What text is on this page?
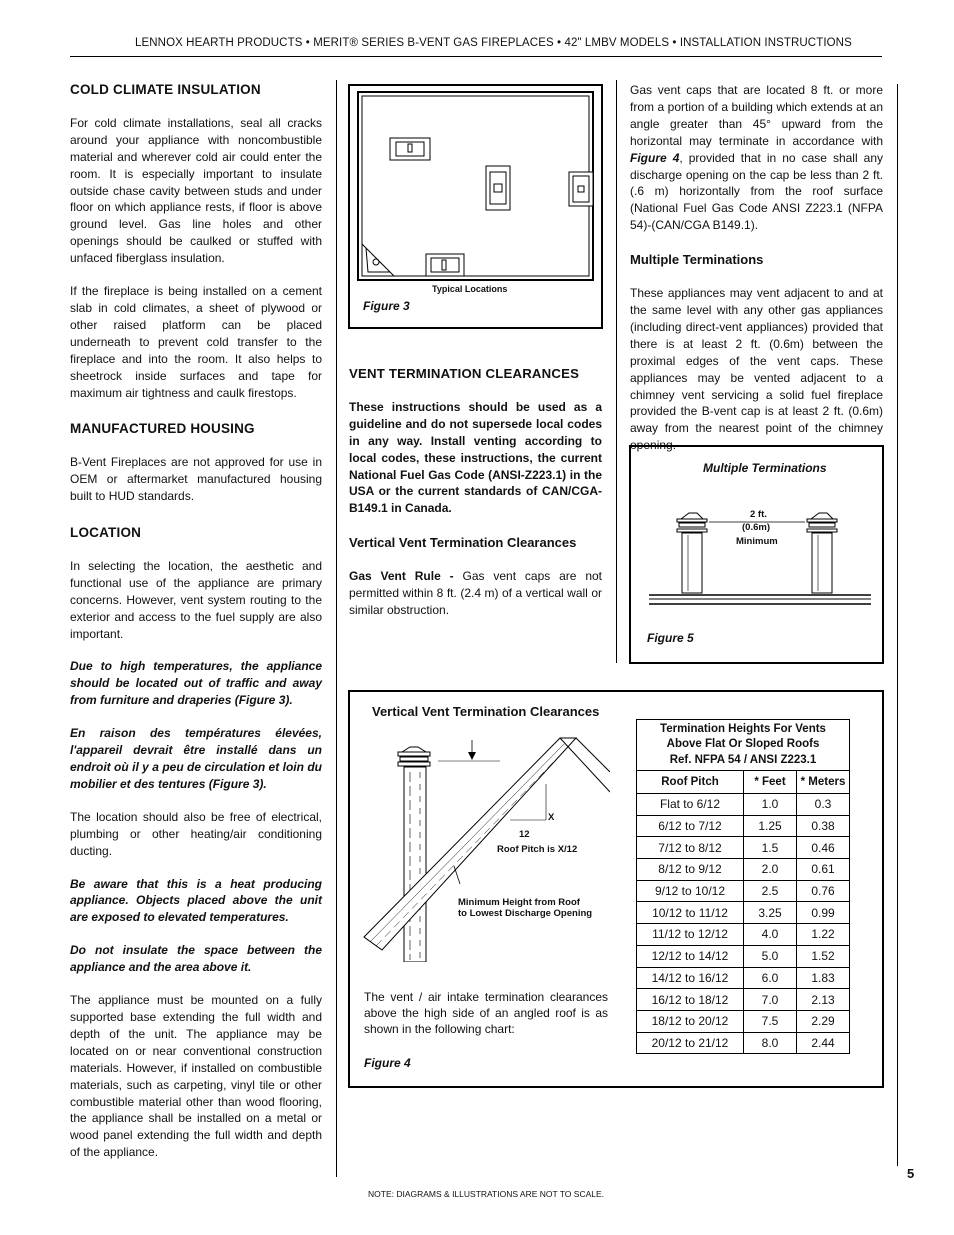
LENNOX HEARTH PRODUCTS • MERIT® SERIES B-VENT GAS FIREPLACES • 42" LMBV MODELS • INSTALLATION INSTRUCTIONS
COLD CLIMATE INSULATION

For cold climate installations, seal all cracks around your appliance with noncombustible material and wherever cold air could enter the room. It is especially important to insulate outside chase cavity between studs and under floor on which appliance rests, if floor is above ground level. Gas line holes and other openings should be caulked or stuffed with unfaced fiberglass insulation.

If the fireplace is being installed on a cement slab in cold climates, a sheet of plywood or other raised platform can be placed underneath to prevent cold transfer to the fireplace and into the room. It also helps to sheetrock inside surfaces and tape for maximum air tightness and caulk firestops.

MANUFACTURED HOUSING

B-Vent Fireplaces are not approved for use in OEM or aftermarket manufactured housing built to HUD standards.

LOCATION

In selecting the location, the aesthetic and functional use of the appliance are primary concerns. However, vent system routing to the exterior and access to the fuel supply are also important.

Due to high temperatures, the appliance should be located out of traffic and away from furniture and draperies (Figure 3).

En raison des températures élevées, l'appareil devrait être installé dans un endroit où il y a peu de circulation et loin du mobilier et des tentures (Figure 3).

The location should also be free of electrical, plumbing or other heating/air conditioning ducting.

Be aware that this is a heat producing appliance. Objects placed above the unit are exposed to elevated temperatures.

Do not insulate the space between the appliance and the area above it.

The appliance must be mounted on a fully supported base extending the full width and depth of the unit. The appliance may be located on or near conventional construction materials. However, if installed on combustible materials, such as carpeting, vinyl tile or other combustible material other than wood flooring, the appliance shall be installed on a metal or wood panel extending the full width and depth of the appliance.

Typical Locations
Figure 3
VENT TERMINATION CLEARANCES

These instructions should be used as a guideline and do not supersede local codes in any way. Install venting according to local codes, these instructions, the current National Fuel Gas Code (ANSI-Z223.1) in the USA or the current standards of CAN/CGA-B149.1 in Canada.

Vertical Vent Termination Clearances

Gas Vent Rule - Gas vent caps are not permitted within 8 ft. (2.4 m) of a vertical wall or similar obstruction.

Gas vent caps that are located 8 ft. or more from a portion of a building which extends at an angle greater than 45° upward from the horizontal may terminate in accordance with Figure 4, provided that in no case shall any discharge opening on the cap be less than 2 ft. (.6 m) horizontally from the roof surface (National Fuel Gas Code ANSI Z223.1 (NFPA 54)-(CAN/CGA B149.1).

Multiple Terminations

These appliances may vent adjacent to and at the same level with any other gas appliances (including direct-vent appliances) provided that there is at least 2 ft. (0.6m) between the proximal edges of the vent caps. These appliances may be vented adjacent to a chimney vent servicing a solid fuel fireplace provided the B-vent cap is at least 2 ft. (0.6m) away from the nearest point of the chimney opening.

Multiple Terminations
2 ft.
(0.6m)
Minimum
Figure 5
Vertical Vent Termination Clearances
X
12
Roof Pitch is X/12
Minimum Height from Roof
to Lowest Discharge Opening
The vent / air intake termination clearances above the high side of an angled roof is as shown in the following chart:
Figure 4
Termination Heights For Vents
Above Flat Or Sloped Roofs
Ref. NFPA 54 / ANSI Z223.1		

Roof Pitch	* Feet	* Meters
Flat to 6/12	1.0	0.3
6/12 to 7/12	1.25	0.38
7/12 to 8/12	1.5	0.46
8/12 to 9/12	2.0	0.61
9/12 to 10/12	2.5	0.76
10/12 to 11/12	3.25	0.99
11/12 to 12/12	4.0	1.22
12/12 to 14/12	5.0	1.52
14/12 to 16/12	6.0	1.83
16/12 to 18/12	7.0	2.13
18/12 to 20/12	7.5	2.29
20/12 to 21/12	8.0	2.44
5
NOTE: DIAGRAMS & ILLUSTRATIONS ARE NOT TO SCALE.
